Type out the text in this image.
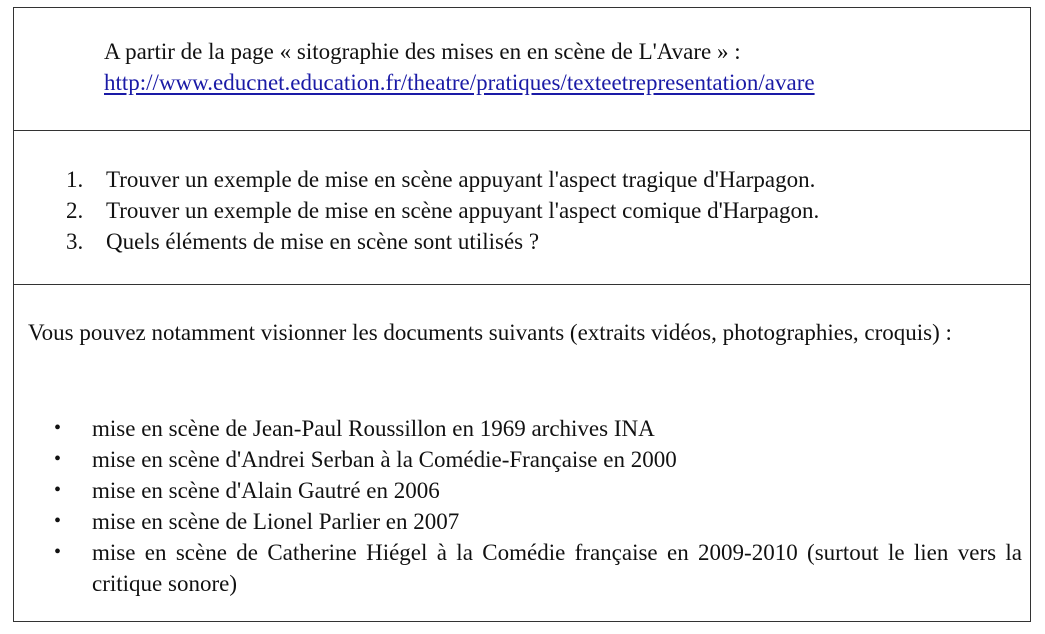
A partir de la page « sitographie des mises en en scène de L'Avare » :
http://www.educnet.education.fr/theatre/pratiques/texteetrepresentation/avare
1. Trouver un exemple de mise en scène appuyant l'aspect tragique d'Harpagon.
2. Trouver un exemple de mise en scène appuyant l'aspect comique d'Harpagon.
3. Quels éléments de mise en scène sont utilisés ?
Vous pouvez notamment visionner les documents suivants (extraits vidéos, photographies, croquis) :
• mise en scène de Jean-Paul Roussillon en 1969 archives INA
• mise en scène d'Andrei Serban à la Comédie-Française en 2000
• mise en scène d'Alain Gautré en 2006
• mise en scène de Lionel Parlier en 2007
• mise en scène de Catherine Hiégel à la Comédie française en 2009-2010 (surtout le lien vers la critique sonore)
